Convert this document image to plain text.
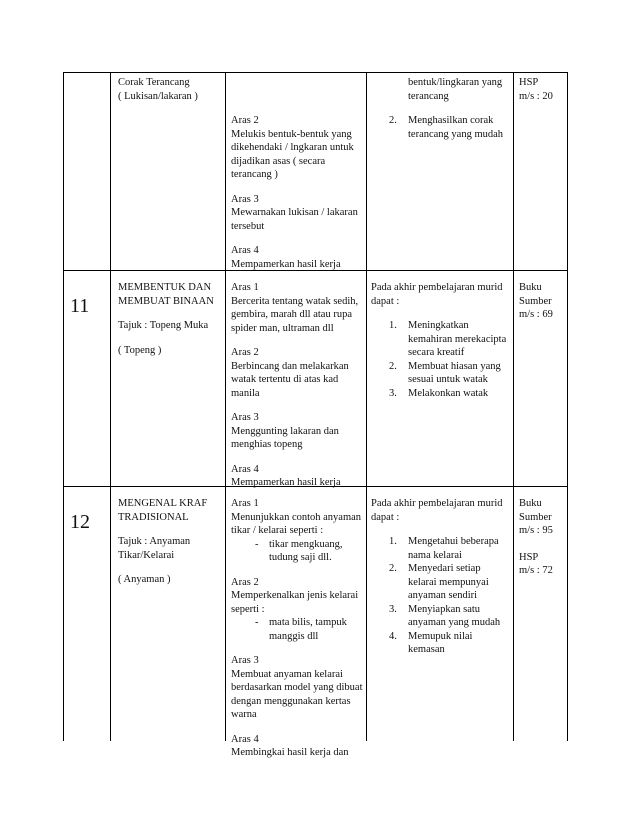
Corak Terancang
( Lukisan/lakaran )

Aras 2
Melukis bentuk-bentuk yang dikehendaki / lngkaran untuk dijadikan asas ( secara terancang )

Aras 3
Mewarnakan lukisan / lakaran tersebut

Aras 4
Mempamerkan hasil kerja

bentuk/lingkaran yang terancang
2. Menghasilkan corak terancang yang mudah
HSP
m/s : 20
11

MEMBENTUK DAN MEMBUAT BINAAN

Tajuk : Topeng Muka

( Topeng )

Aras 1
Bercerita tentang watak sedih, gembira, marah dll atau rupa spider man, ultraman dll

Aras 2
Berbincang dan melakarkan watak tertentu di atas kad manila

Aras 3
Menggunting lakaran dan menghias topeng

Aras 4
Mempamerkan hasil kerja

Pada akhir pembelajaran murid dapat :

1. Meningkatkan kemahiran merekacipta secara kreatif
2. Membuat hiasan yang sesuai untuk watak
3. Melakonkan watak
Buku Sumber
m/s : 69
12

MENGENAL KRAF TRADISIONAL

Tajuk : Anyaman Tikar/Kelarai

( Anyaman )

Aras 1
Menunjukkan contoh anyaman tikar / kelarai seperti :
- tikar mengkuang, tudung saji dll.

Aras 2
Memperkenalkan jenis kelarai seperti :
- mata bilis, tampuk manggis dll

Aras 3
Membuat anyaman kelarai berdasarkan model yang dibuat dengan menggunakan kertas warna

Aras 4
Membingkai hasil kerja dan

Pada akhir pembelajaran murid dapat :

1. Mengetahui beberapa nama kelarai
2. Menyedari setiap kelarai mempunyai anyaman sendiri
3. Menyiapkan satu anyaman yang mudah
4. Memupuk nilai kemasan
Buku Sumber
m/s : 95
HSP
m/s : 72
